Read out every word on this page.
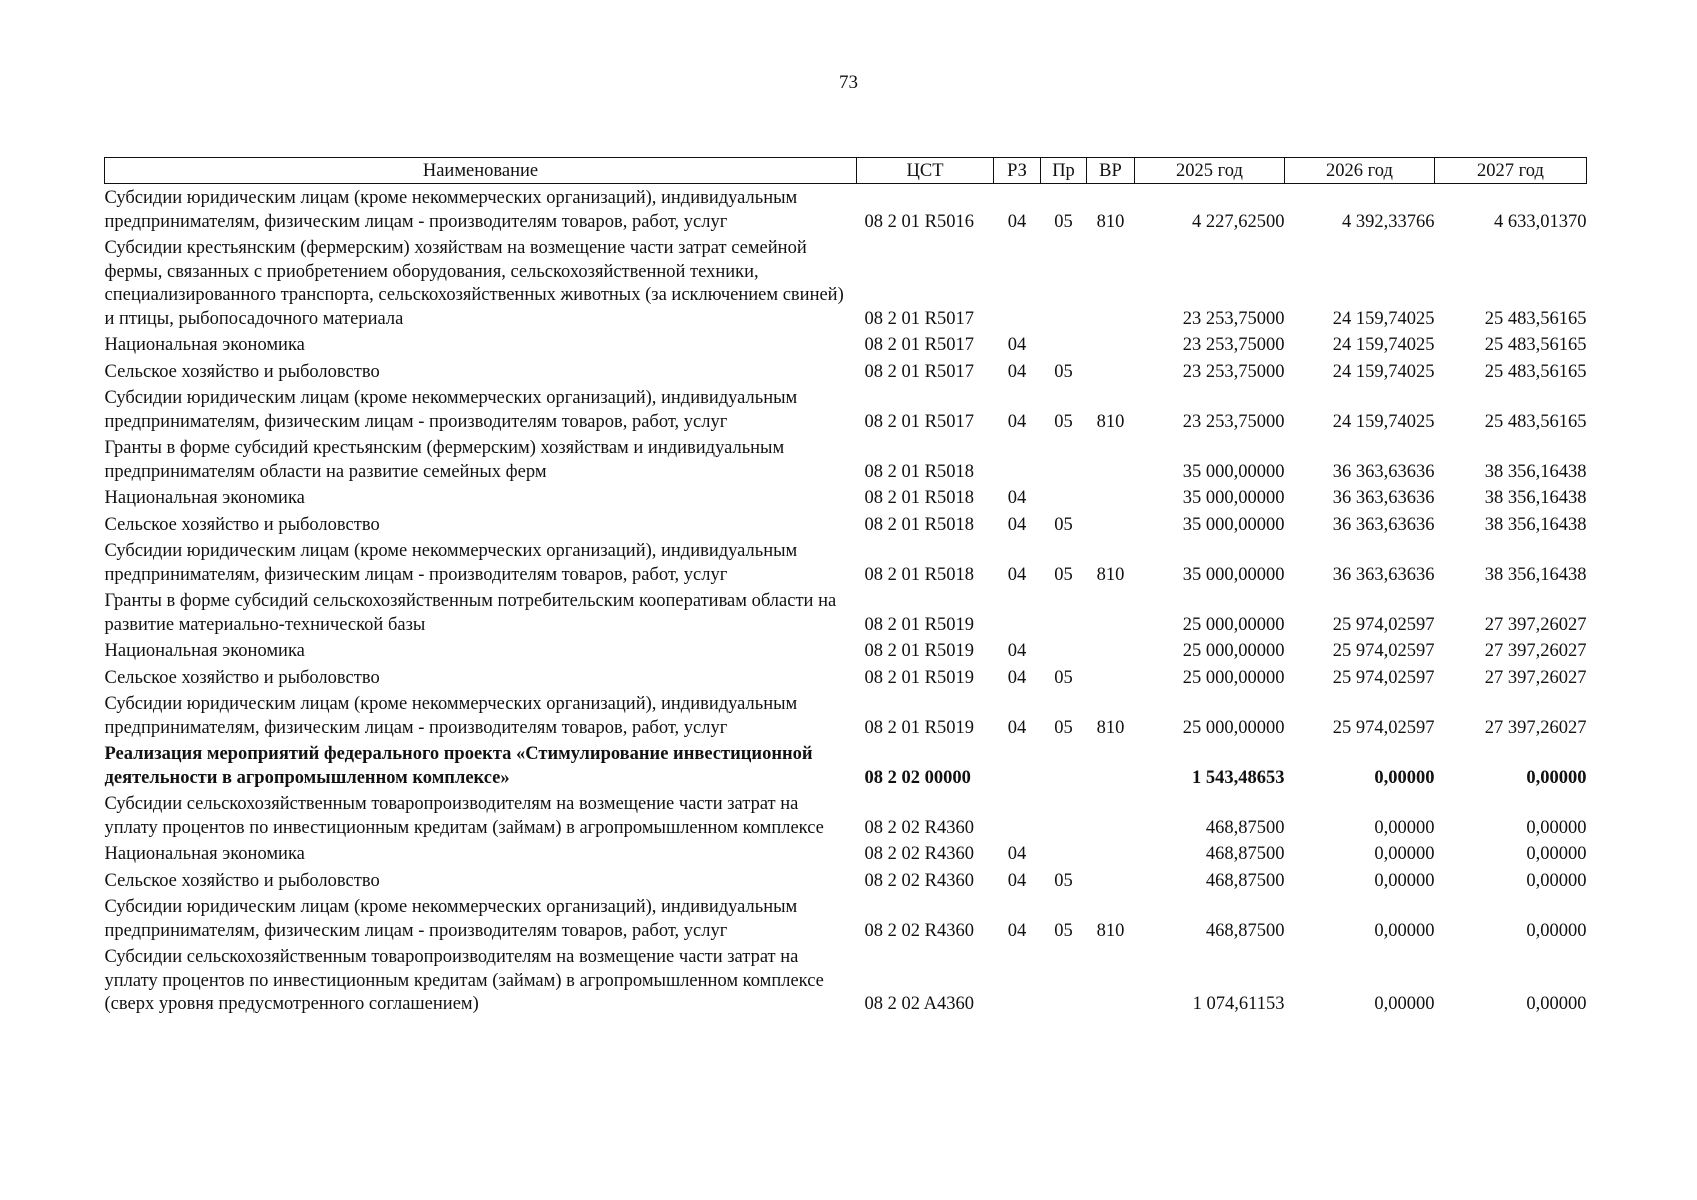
73
Наименование	ЦСТ	РЗ	Пр	ВР	2025 год	2026 год	2027 год
Субсидии юридическим лицам (кроме некоммерческих организаций), индивидуальным предпринимателям, физическим лицам - производителям товаров, работ, услуг	08 2 01 R5016	04	05	810	4 227,62500	4 392,33766	4 633,01370
Субсидии крестьянским (фермерским) хозяйствам на возмещение части затрат семейной фермы, связанных с приобретением оборудования, сельскохозяйственной техники, специализированного транспорта, сельскохозяйственных животных (за исключением свиней) и птицы, рыбопосадочного материала	08 2 01 R5017				23 253,75000	24 159,74025	25 483,56165
Национальная экономика	08 2 01 R5017	04			23 253,75000	24 159,74025	25 483,56165
Сельское хозяйство и рыболовство	08 2 01 R5017	04	05		23 253,75000	24 159,74025	25 483,56165
Субсидии юридическим лицам (кроме некоммерческих организаций), индивидуальным предпринимателям, физическим лицам - производителям товаров, работ, услуг	08 2 01 R5017	04	05	810	23 253,75000	24 159,74025	25 483,56165
Гранты в форме субсидий крестьянским (фермерским) хозяйствам и индивидуальным предпринимателям области на развитие семейных ферм	08 2 01 R5018				35 000,00000	36 363,63636	38 356,16438
Национальная экономика	08 2 01 R5018	04			35 000,00000	36 363,63636	38 356,16438
Сельское хозяйство и рыболовство	08 2 01 R5018	04	05		35 000,00000	36 363,63636	38 356,16438
Субсидии юридическим лицам (кроме некоммерческих организаций), индивидуальным предпринимателям, физическим лицам - производителям товаров, работ, услуг	08 2 01 R5018	04	05	810	35 000,00000	36 363,63636	38 356,16438
Гранты в форме субсидий сельскохозяйственным потребительским кооперативам области на развитие материально-технической базы	08 2 01 R5019				25 000,00000	25 974,02597	27 397,26027
Национальная экономика	08 2 01 R5019	04			25 000,00000	25 974,02597	27 397,26027
Сельское хозяйство и рыболовство	08 2 01 R5019	04	05		25 000,00000	25 974,02597	27 397,26027
Субсидии юридическим лицам (кроме некоммерческих организаций), индивидуальным предпринимателям, физическим лицам - производителям товаров, работ, услуг	08 2 01 R5019	04	05	810	25 000,00000	25 974,02597	27 397,26027
Реализация мероприятий федерального проекта «Стимулирование инвестиционной деятельности в агропромышленном комплексе»	08 2 02 00000				1 543,48653	0,00000	0,00000
Субсидии сельскохозяйственным товаропроизводителям на возмещение части затрат на уплату процентов по инвестиционным кредитам (займам) в агропромышленном комплексе	08 2 02 R4360				468,87500	0,00000	0,00000
Национальная экономика	08 2 02 R4360	04			468,87500	0,00000	0,00000
Сельское хозяйство и рыболовство	08 2 02 R4360	04	05		468,87500	0,00000	0,00000
Субсидии юридическим лицам (кроме некоммерческих организаций), индивидуальным предпринимателям, физическим лицам - производителям товаров, работ, услуг	08 2 02 R4360	04	05	810	468,87500	0,00000	0,00000
Субсидии сельскохозяйственным товаропроизводителям на возмещение части затрат на уплату процентов по инвестиционным кредитам (займам) в агропромышленном комплексе (сверх уровня предусмотренного соглашением)	08 2 02 A4360				1 074,61153	0,00000	0,00000
